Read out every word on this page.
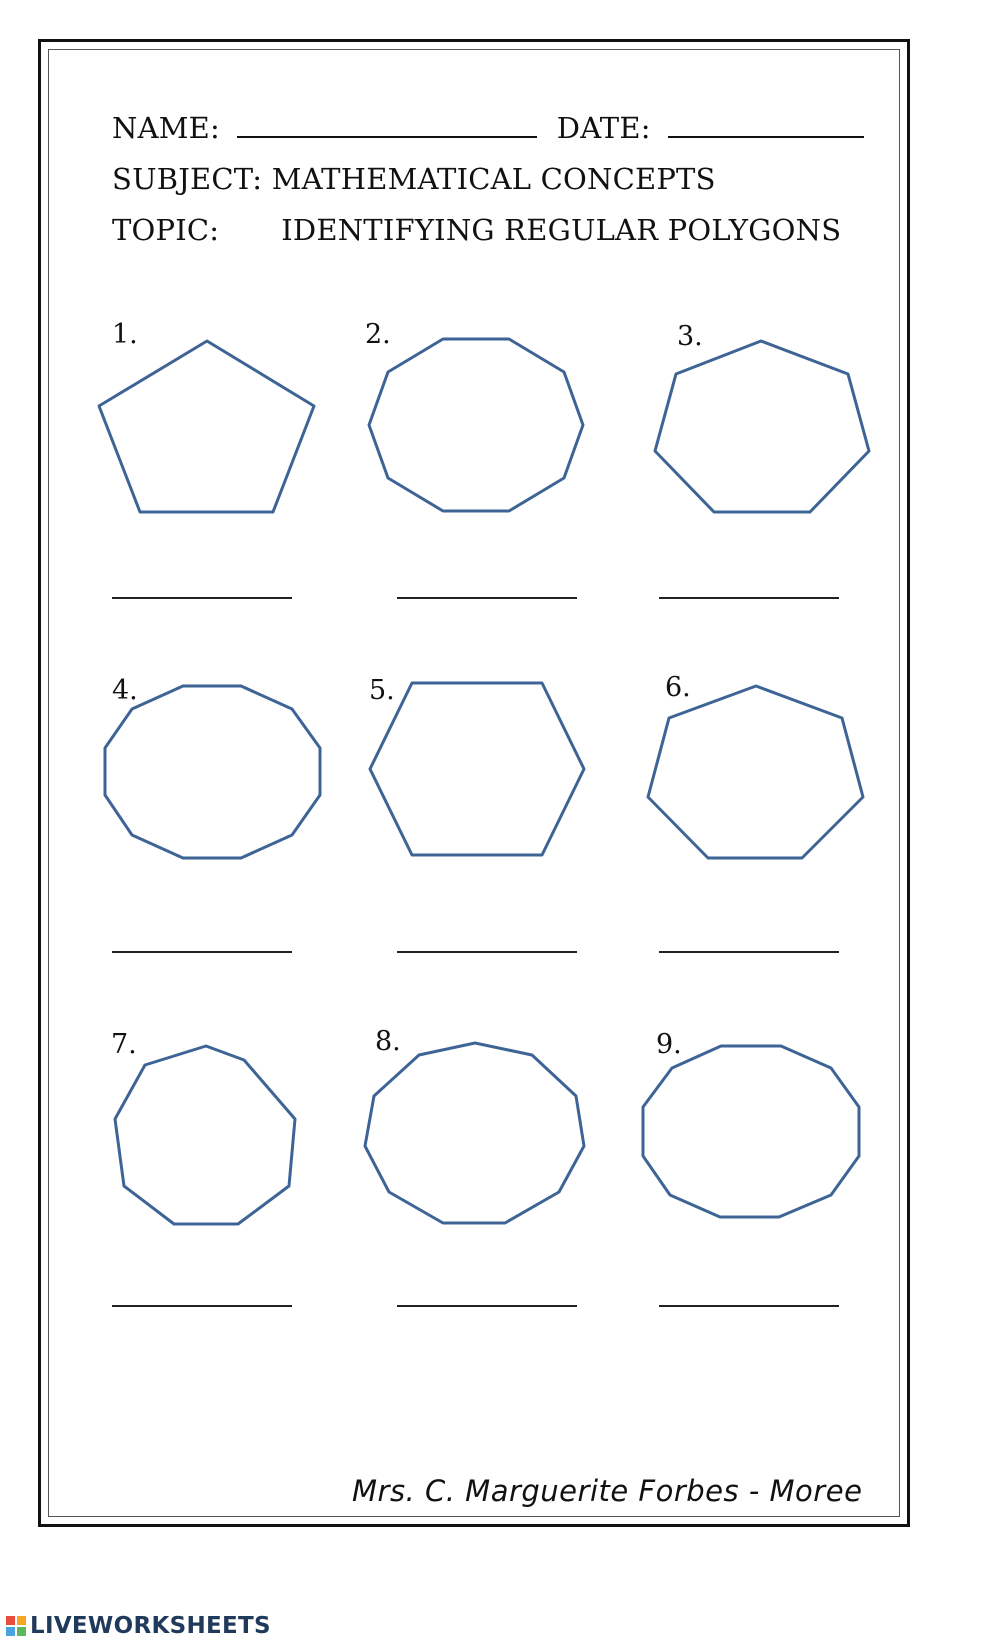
NAME:	DATE:
SUBJECT: MATHEMATICAL CONCEPTS
TOPIC: IDENTIFYING REGULAR POLYGONS
1.	2.	3.
4.	5.	6.
7.	8.	9.
Mrs. C. Marguerite Forbes - Moree
LIVEWORKSHEETS
